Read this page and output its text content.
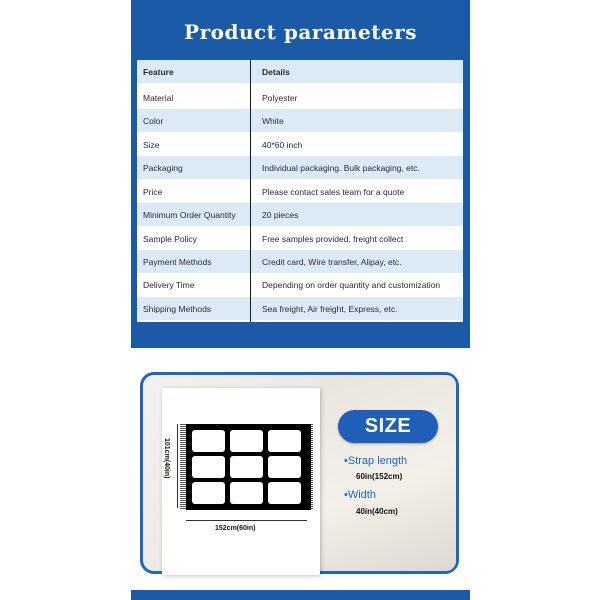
Product parameters
Feature	Details
Material	Polyester
Color	White
Size	40*60 inch
Packaging	Individual packaging. Bulk packaging, etc.
Price	Please contact sales team for a quote
Minimum Order Quantity	20 pieces
Sample Policy	Free samples provided, freight collect
Payment Methods	Credit card, Wire transfer, Alipay, etc.
Delivery Time	Depending on order quantity and customization
Shipping Methods	Sea freight, Air freight, Express, etc.
101cm(40in)
152cm(60in)
SIZE
•Strap length
60in(152cm)
•Width
40in(40cm)
